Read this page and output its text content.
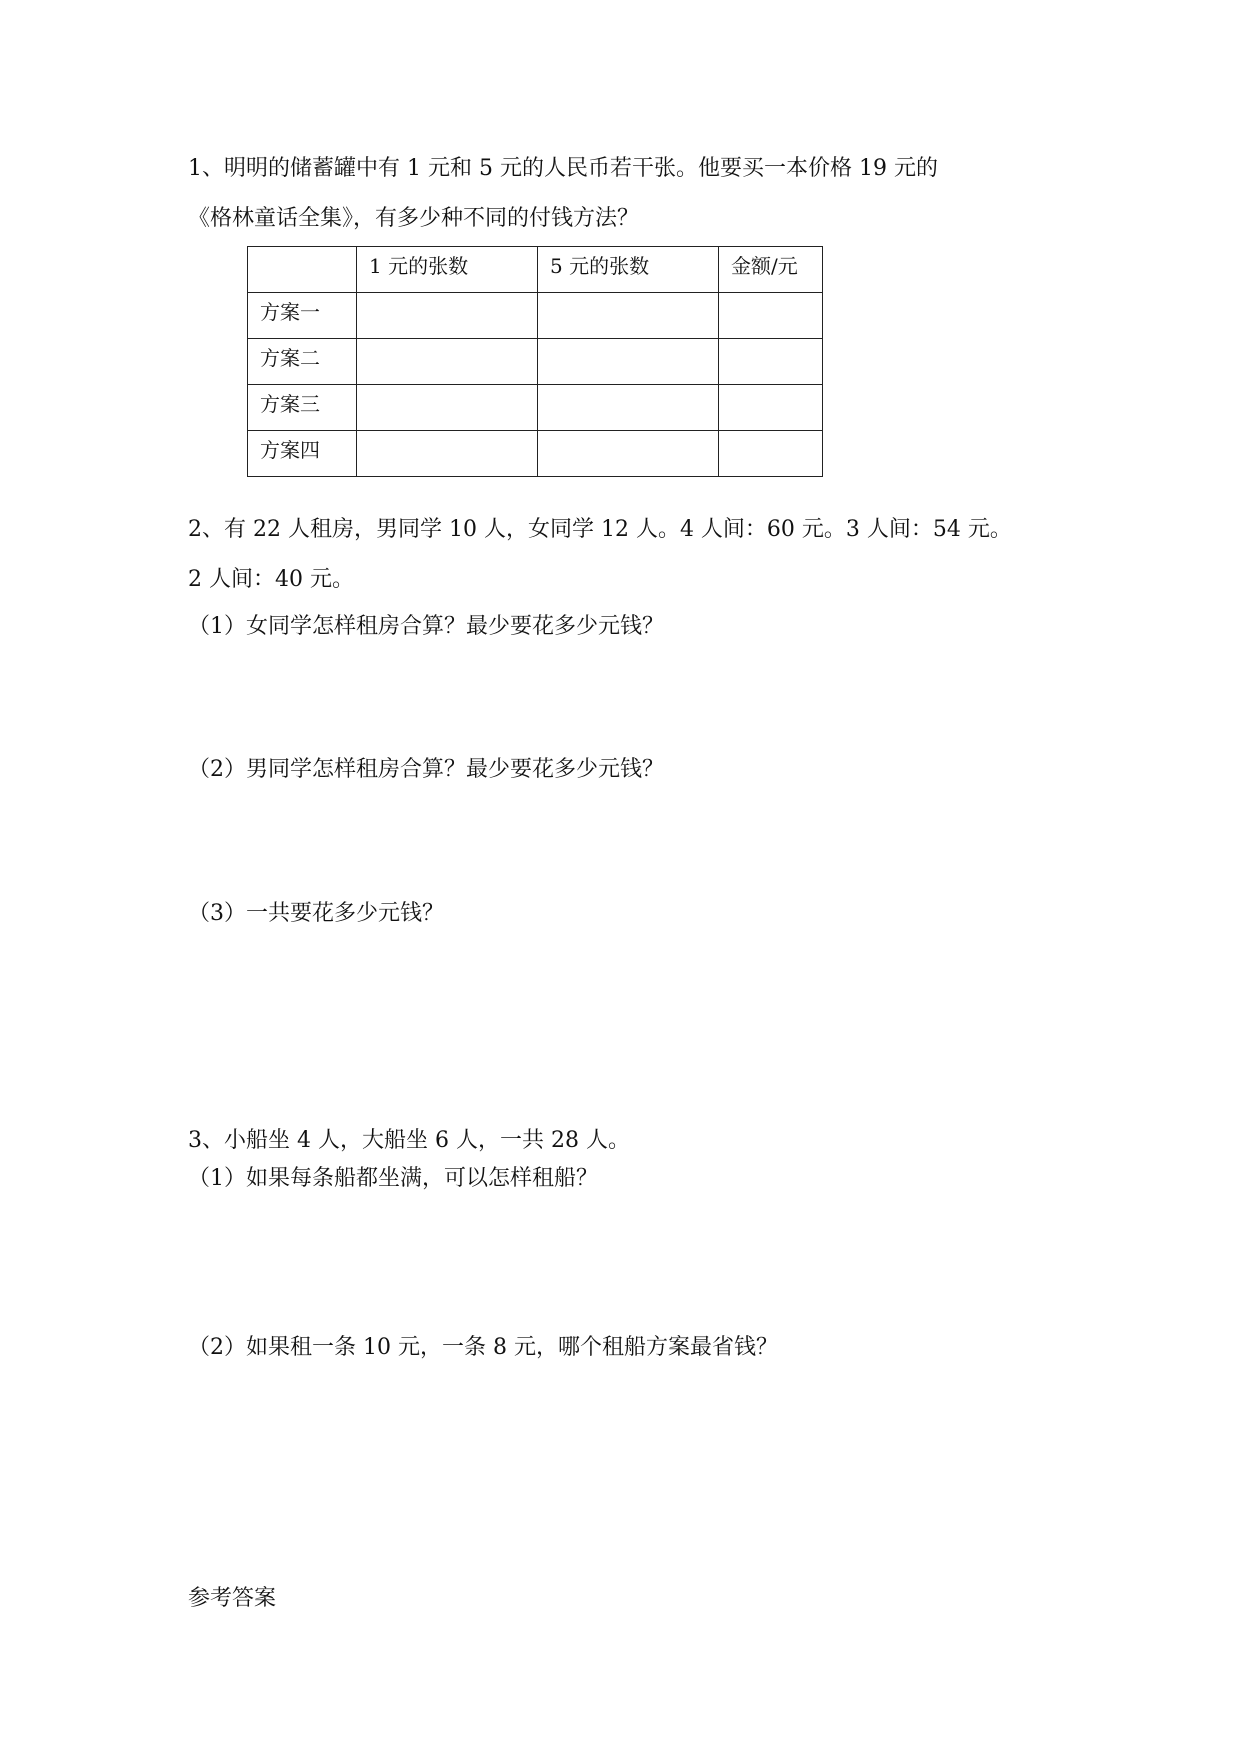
1、明明的储蓄罐中有 1 元和 5 元的人民币若干张。他要买一本价格 19 元的

《格林童话全集》，有多少种不同的付钱方法？

	1 元的张数	5 元的张数	金额/元
方案一			
方案二			
方案三			
方案四			

2、有 22 人租房，男同学 10 人，女同学 12 人。4 人间：60 元。3 人间：54 元。

2 人间：40 元。

（1）女同学怎样租房合算？最少要花多少元钱？

（2）男同学怎样租房合算？最少要花多少元钱？

（3）一共要花多少元钱？

3、小船坐 4 人，大船坐 6 人，一共 28 人。

（1）如果每条船都坐满，可以怎样租船？

（2）如果租一条 10 元，一条 8 元，哪个租船方案最省钱？

参考答案
